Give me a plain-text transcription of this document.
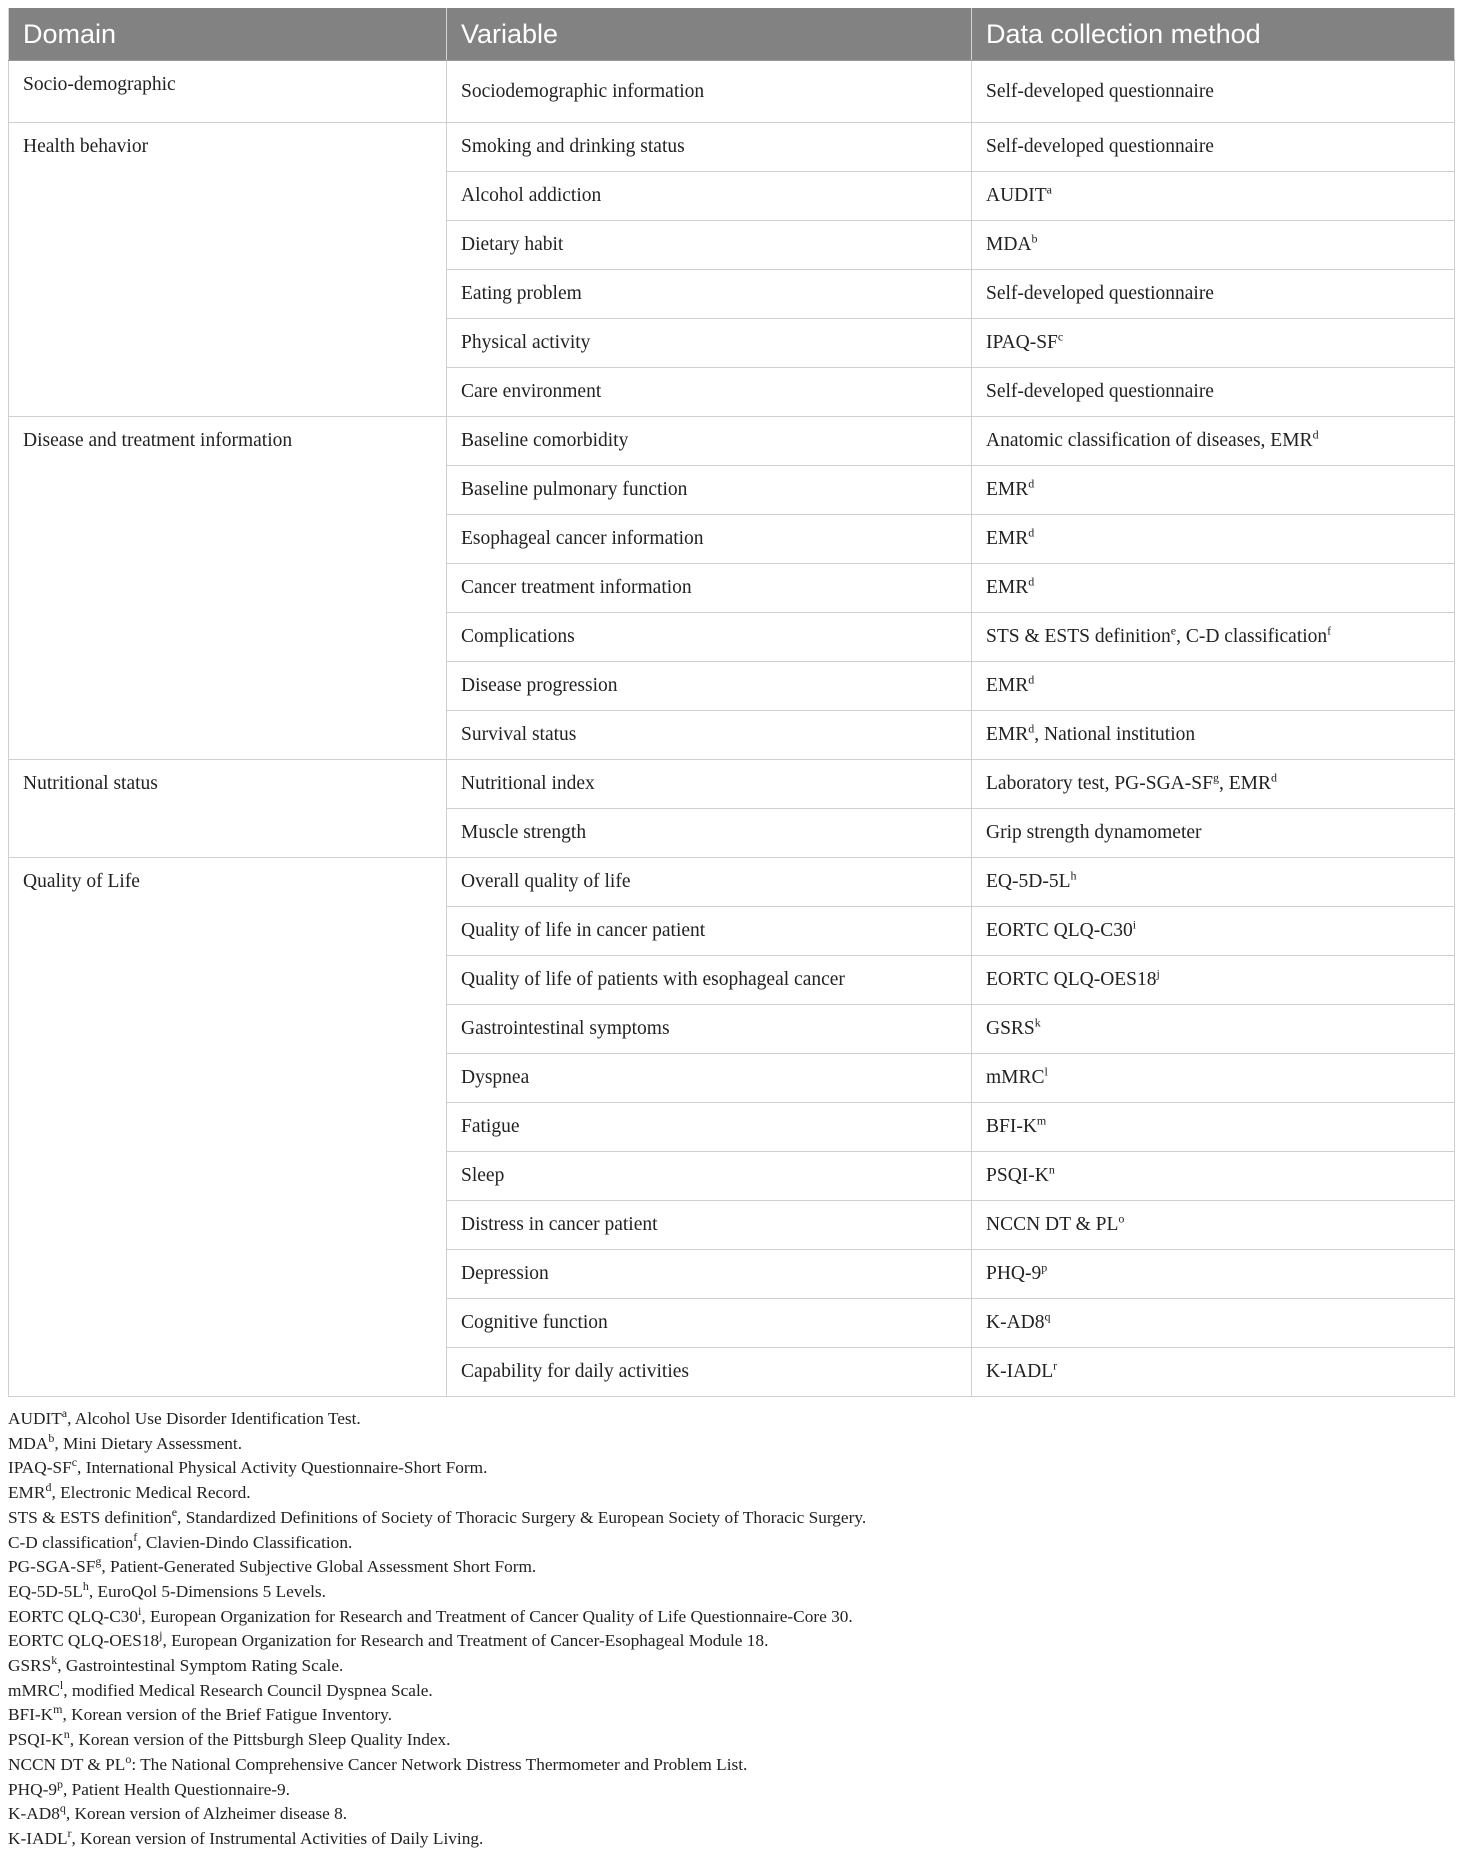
Domain	Variable	Data collection method
Socio-demographic	Sociodemographic information	Self-developed questionnaire
Health behavior	Smoking and drinking status	Self-developed questionnaire
	Alcohol addiction	AUDIT$^a$
	Dietary habit	MDA$^b$
	Eating problem	Self-developed questionnaire
	Physical activity	IPAQ-$SF^c$
	Care environment	Self-developed questionnaire
Disease and treatment information	Baseline comorbidity	Anatomic classification of diseases, EMR$^d$
	Baseline pulmonary function	EMR$^d$
	Esophageal cancer information	EMR$^d$
	Cancer treatment information	EMR$^d$
	Complications	STS & ESTS definition$^e$, C-D classification$^f$
	Disease progression	EMR$^d$
	Survival status	EMR$^d$, National institution
Nutritional status	Nutritional index	Laboratory test, $PG-SGA-SF^g$, EMR$^d$
	Muscle strength	Grip strength dynamometer
Quality of Life	Overall quality of life	$EQ-5D-5L^h$
	Quality of life in cancer patient	EORTC QLQ-C30$^i$
	Quality of life of patients with esophageal cancer	EORTC QLQ-OES18$^j$
	Gastrointestinal symptoms	GSRS$^k$
	Dyspnea	mMRC$^l$
	Fatigue	BFI-$K^m$
	Sleep	PSQI-$K^n$
	Distress in cancer patient	NCCN DT & $PL^o$
	Depression	PHQ-9$^p$
	Cognitive function	K-AD8$^q$
	Capability for daily activities	K-IADL$^r$
AUDIT$^a$, Alcohol Use Disorder Identification Test.
MDA$^b$, Mini Dietary Assessment.
IPAQ-$SF^c$, International Physical Activity Questionnaire-Short Form.
EMR$^d$, Electronic Medical Record.
STS & ESTS definition$^e$, Standardized Definitions of Society of Thoracic Surgery & European Society of Thoracic Surgery.
C-D classification$^f$, Clavien-Dindo Classification.
$PG-SGA-SF^g$, Patient-Generated Subjective Global Assessment Short Form.
$EQ-5D-5L^h$, EuroQol 5-Dimensions 5 Levels.
EORTC QLQ-C30$^i$, European Organization for Research and Treatment of Cancer Quality of Life Questionnaire-Core 30.
EORTC QLQ-OES18$^j$, European Organization for Research and Treatment of Cancer-Esophageal Module 18.
GSRS$^k$, Gastrointestinal Symptom Rating Scale.
mMRC$^l$, modified Medical Research Council Dyspnea Scale.
BFI-$K^m$, Korean version of the Brief Fatigue Inventory.
PSQI-$K^n$, Korean version of the Pittsburgh Sleep Quality Index.
NCCN DT & $PL^o$: The National Comprehensive Cancer Network Distress Thermometer and Problem List.
PHQ-9$^p$, Patient Health Questionnaire-9.
K-AD8$^q$, Korean version of Alzheimer disease 8.
K-IADL$^r$, Korean version of Instrumental Activities of Daily Living.
